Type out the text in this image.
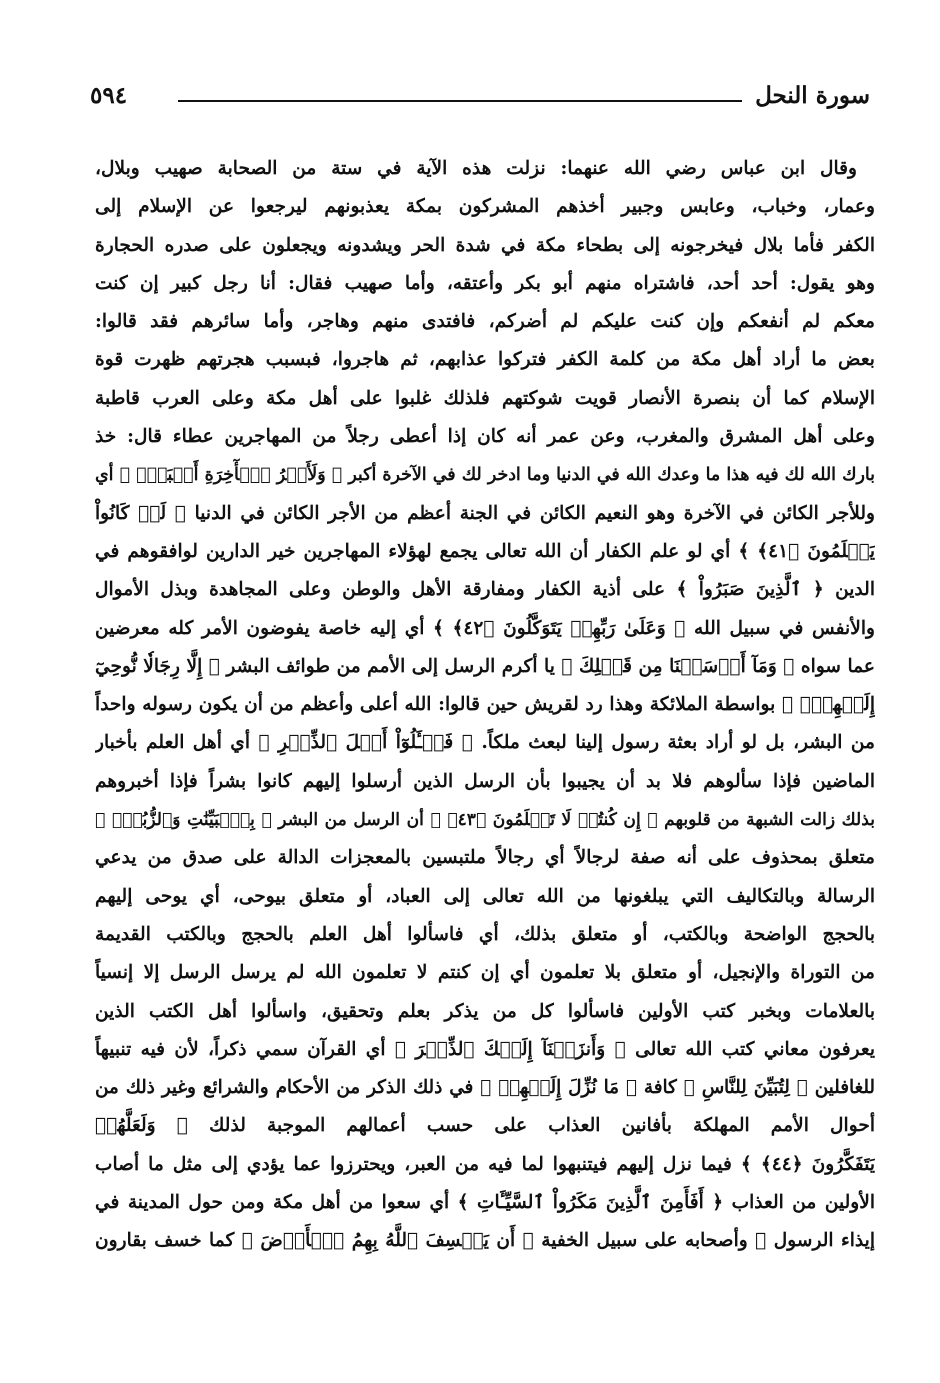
سورة النحل
٥٩٤
وقال ابن عباس رضي الله عنهما: نزلت هذه الآية في ستة من الصحابة صهيب وبلال،
وعمار، وخباب، وعابس وجبير أخذهم المشركون بمكة يعذبونهم ليرجعوا عن الإسلام إلى
الكفر فأما بلال فيخرجونه إلى بطحاء مكة في شدة الحر ويشدونه ويجعلون على صدره الحجارة
وهو يقول: أحد أحد، فاشتراه منهم أبو بكر وأعتقه، وأما صهيب فقال: أنا رجل كبير إن كنت
معكم لم أنفعكم وإن كنت عليكم لم أضركم، فافتدى منهم وهاجر، وأما سائرهم فقد قالوا:
بعض ما أراد أهل مكة من كلمة الكفر فتركوا عذابهم، ثم هاجروا، فبسبب هجرتهم ظهرت قوة
الإسلام كما أن بنصرة الأنصار قويت شوكتهم فلذلك غلبوا على أهل مكة وعلى العرب قاطبة
وعلى أهل المشرق والمغرب، وعن عمر أنه كان إذا أعطى رجلاً من المهاجرين عطاء قال: خذ
بارك الله لك فيه هذا ما وعدك الله في الدنيا وما ادخر لك في الآخرة أكبر ﴿ وَلَأَجۡرُ ٱلۡأٓخِرَةِ أَكۡبَرُۚ ﴾ أي
وللأجر الكائن في الآخرة وهو النعيم الكائن في الجنة أعظم من الأجر الكائن في الدنيا ﴿ لَوۡ كَانُواْ
يَعۡلَمُونَ ﴿٤١﴾ ﴾ أي لو علم الكفار أن الله تعالى يجمع لهؤلاء المهاجرين خير الدارين لوافقوهم في
الدين ﴿ ٱلَّذِينَ صَبَرُواْ ﴾ على أذية الكفار ومفارقة الأهل والوطن وعلى المجاهدة وبذل الأموال
والأنفس في سبيل الله ﴿ وَعَلَىٰ رَبِّهِمۡ يَتَوَكَّلُونَ ﴿٤٢﴾ ﴾ أي إليه خاصة يفوضون الأمر كله معرضين
عما سواه ﴿ وَمَآ أَرۡسَلۡنَا مِن قَبۡلِكَ ﴾ يا أكرم الرسل إلى الأمم من طوائف البشر ﴿ إِلَّا رِجَالٗا نُّوحِيٓ
إِلَيۡهِمۡۖ ﴾ بواسطة الملائكة وهذا رد لقريش حين قالوا: الله أعلى وأعظم من أن يكون رسوله واحداً
من البشر، بل لو أراد بعثة رسول إلينا لبعث ملكاً. ﴿ فَسۡـَٔلُوٓاْ أَهۡلَ ٱلذِّكۡرِ ﴾ أي أهل العلم بأخبار
الماضين فإذا سألوهم فلا بد أن يجيبوا بأن الرسل الذين أرسلوا إليهم كانوا بشراً فإذا أخبروهم
بذلك زالت الشبهة من قلوبهم ﴿ إِن كُنتُمۡ لَا تَعۡلَمُونَ ﴿٤٣﴾ ﴾ أن الرسل من البشر ﴿ بِٱلۡبَيِّنَٰتِ وَٱلزُّبُرِۗ ﴾
متعلق بمحذوف على أنه صفة لرجالاً أي رجالاً ملتبسين بالمعجزات الدالة على صدق من يدعي
الرسالة وبالتكاليف التي يبلغونها من الله تعالى إلى العباد، أو متعلق بيوحى، أي يوحى إليهم
بالحجج الواضحة وبالكتب، أو متعلق بذلك، أي فاسألوا أهل العلم بالحجج وبالكتب القديمة
من التوراة والإنجيل، أو متعلق بلا تعلمون أي إن كنتم لا تعلمون الله لم يرسل الرسل إلا إنسياً
بالعلامات وبخبر كتب الأولين فاسألوا كل من يذكر بعلم وتحقيق، واسألوا أهل الكتب الذين
يعرفون معاني كتب الله تعالى ﴿ وَأَنزَلۡنَآ إِلَيۡكَ ٱلذِّكۡرَ ﴾ أي القرآن سمي ذكراً، لأن فيه تنبيهاً
للغافلين ﴿ لِتُبَيِّنَ لِلنَّاسِ ﴾ كافة ﴿ مَا نُزِّلَ إِلَيۡهِمۡ ﴾ في ذلك الذكر من الأحكام والشرائع وغير ذلك من
أحوال الأمم المهلكة بأفانين العذاب على حسب أعمالهم الموجبة لذلك ﴿ وَلَعَلَّهُمۡ
يَتَفَكَّرُونَ ﴿٤٤﴾ ﴾ فيما نزل إليهم فيتنبهوا لما فيه من العبر، ويحترزوا عما يؤدي إلى مثل ما أصاب
الأولين من العذاب ﴿ أَفَأَمِنَ ٱلَّذِينَ مَكَرُواْ ٱلسَّيِّـَٔاتِ ﴾ أي سعوا من أهل مكة ومن حول المدينة في
إيذاء الرسول ﷺ وأصحابه على سبيل الخفية ﴿ أَن يَخۡسِفَ ٱللَّهُ بِهِمُ ٱلۡأَرۡضَ ﴾ كما خسف بقارون
